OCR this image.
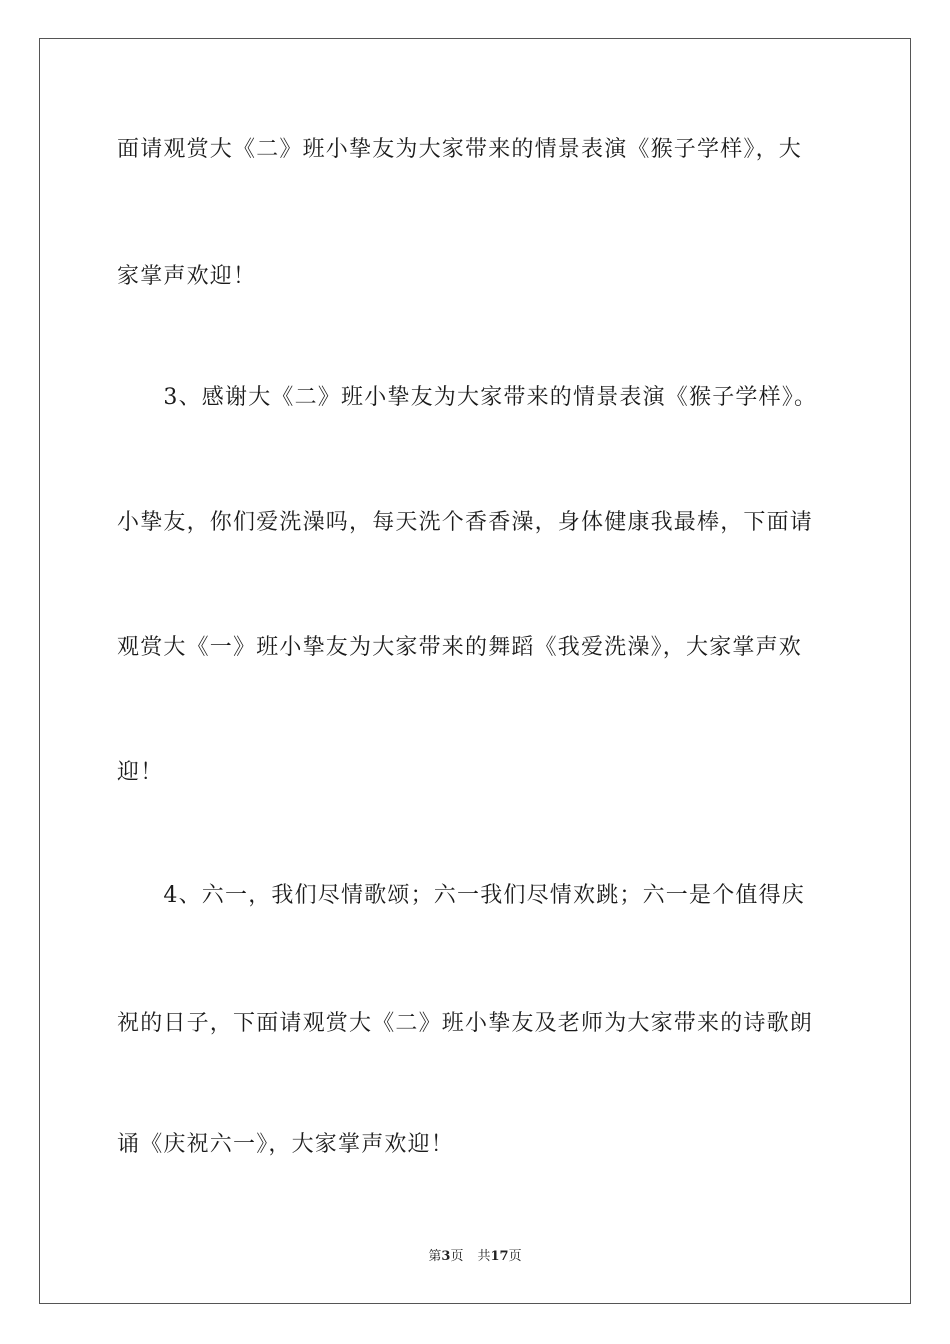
面请观赏大《二》班小挚友为大家带来的情景表演《猴子学样》，大
家掌声欢迎！
　　3、感谢大《二》班小挚友为大家带来的情景表演《猴子学样》。
小挚友，你们爱洗澡吗，每天洗个香香澡，身体健康我最棒，下面请
观赏大《一》班小挚友为大家带来的舞蹈《我爱洗澡》，大家掌声欢
迎！
　　4、六一，我们尽情歌颂；六一我们尽情欢跳；六一是个值得庆
祝的日子，下面请观赏大《二》班小挚友及老师为大家带来的诗歌朗
诵《庆祝六一》，大家掌声欢迎！
第3页 共17页
